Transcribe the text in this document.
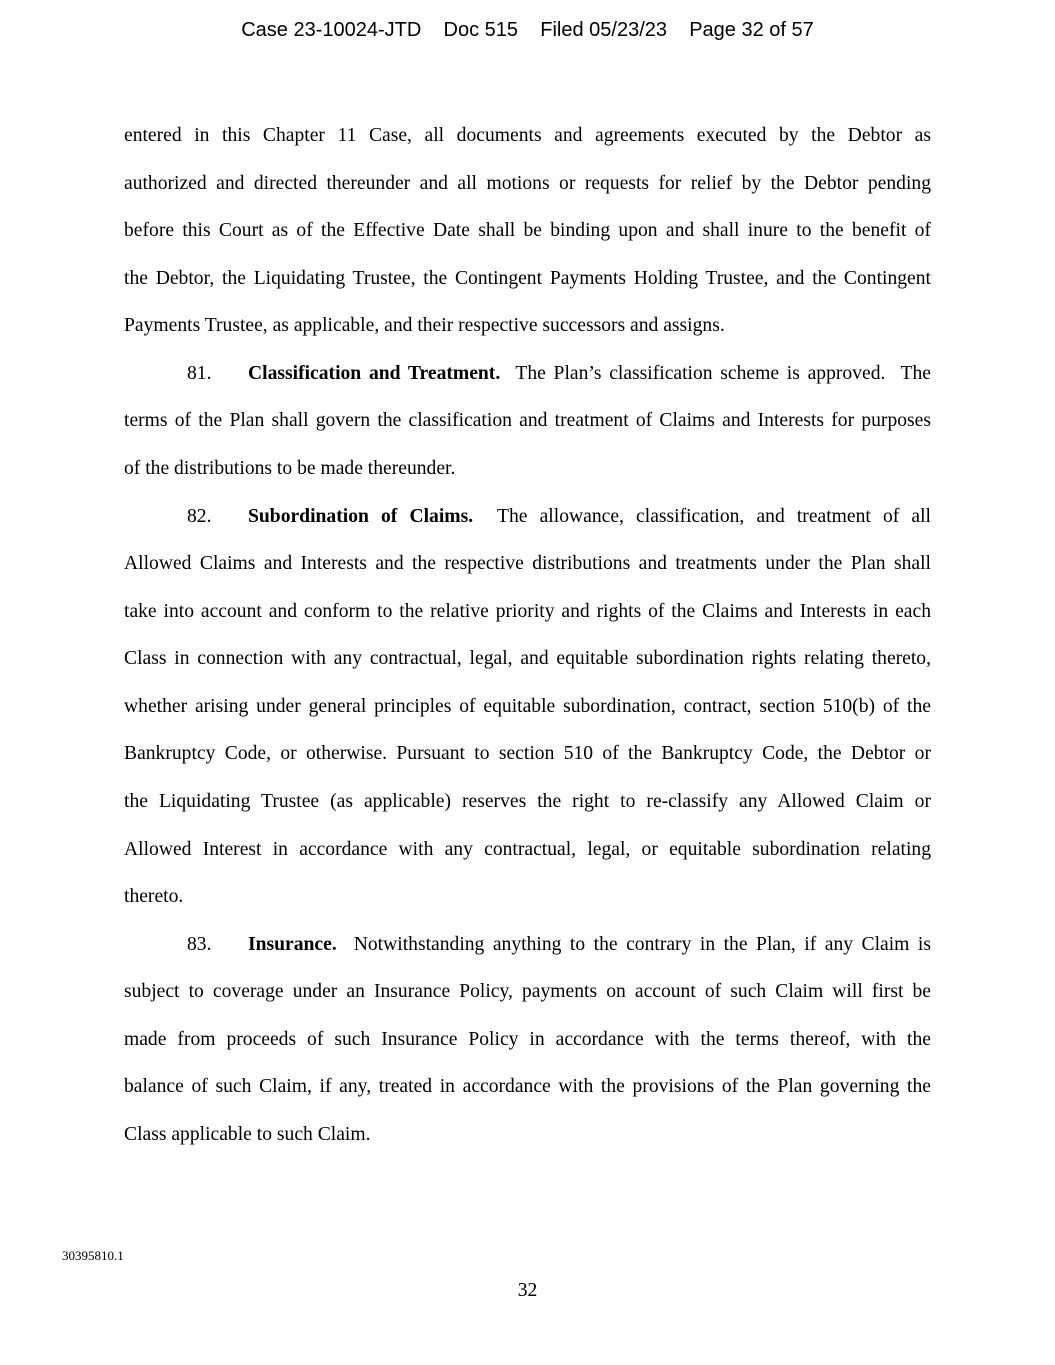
Case 23-10024-JTD    Doc 515    Filed 05/23/23    Page 32 of 57
entered in this Chapter 11 Case, all documents and agreements executed by the Debtor as
authorized and directed thereunder and all motions or requests for relief by the Debtor pending
before this Court as of the Effective Date shall be binding upon and shall inure to the benefit of
the Debtor, the Liquidating Trustee, the Contingent Payments Holding Trustee, and the Contingent
Payments Trustee, as applicable, and their respective successors and assigns.
81. Classification and Treatment. The Plan’s classification scheme is approved.  The
terms of the Plan shall govern the classification and treatment of Claims and Interests for purposes
of the distributions to be made thereunder.
82. Subordination of Claims. The allowance, classification, and treatment of all
Allowed Claims and Interests and the respective distributions and treatments under the Plan shall
take into account and conform to the relative priority and rights of the Claims and Interests in each
Class in connection with any contractual, legal, and equitable subordination rights relating thereto,
whether arising under general principles of equitable subordination, contract, section 510(b) of the
Bankruptcy Code, or otherwise. Pursuant to section 510 of the Bankruptcy Code, the Debtor or
the Liquidating Trustee (as applicable) reserves the right to re-classify any Allowed Claim or
Allowed Interest in accordance with any contractual, legal, or equitable subordination relating
thereto.
83. Insurance. Notwithstanding anything to the contrary in the Plan, if any Claim is
subject to coverage under an Insurance Policy, payments on account of such Claim will first be
made from proceeds of such Insurance Policy in accordance with the terms thereof, with the
balance of such Claim, if any, treated in accordance with the provisions of the Plan governing the
Class applicable to such Claim.
30395810.1
32
